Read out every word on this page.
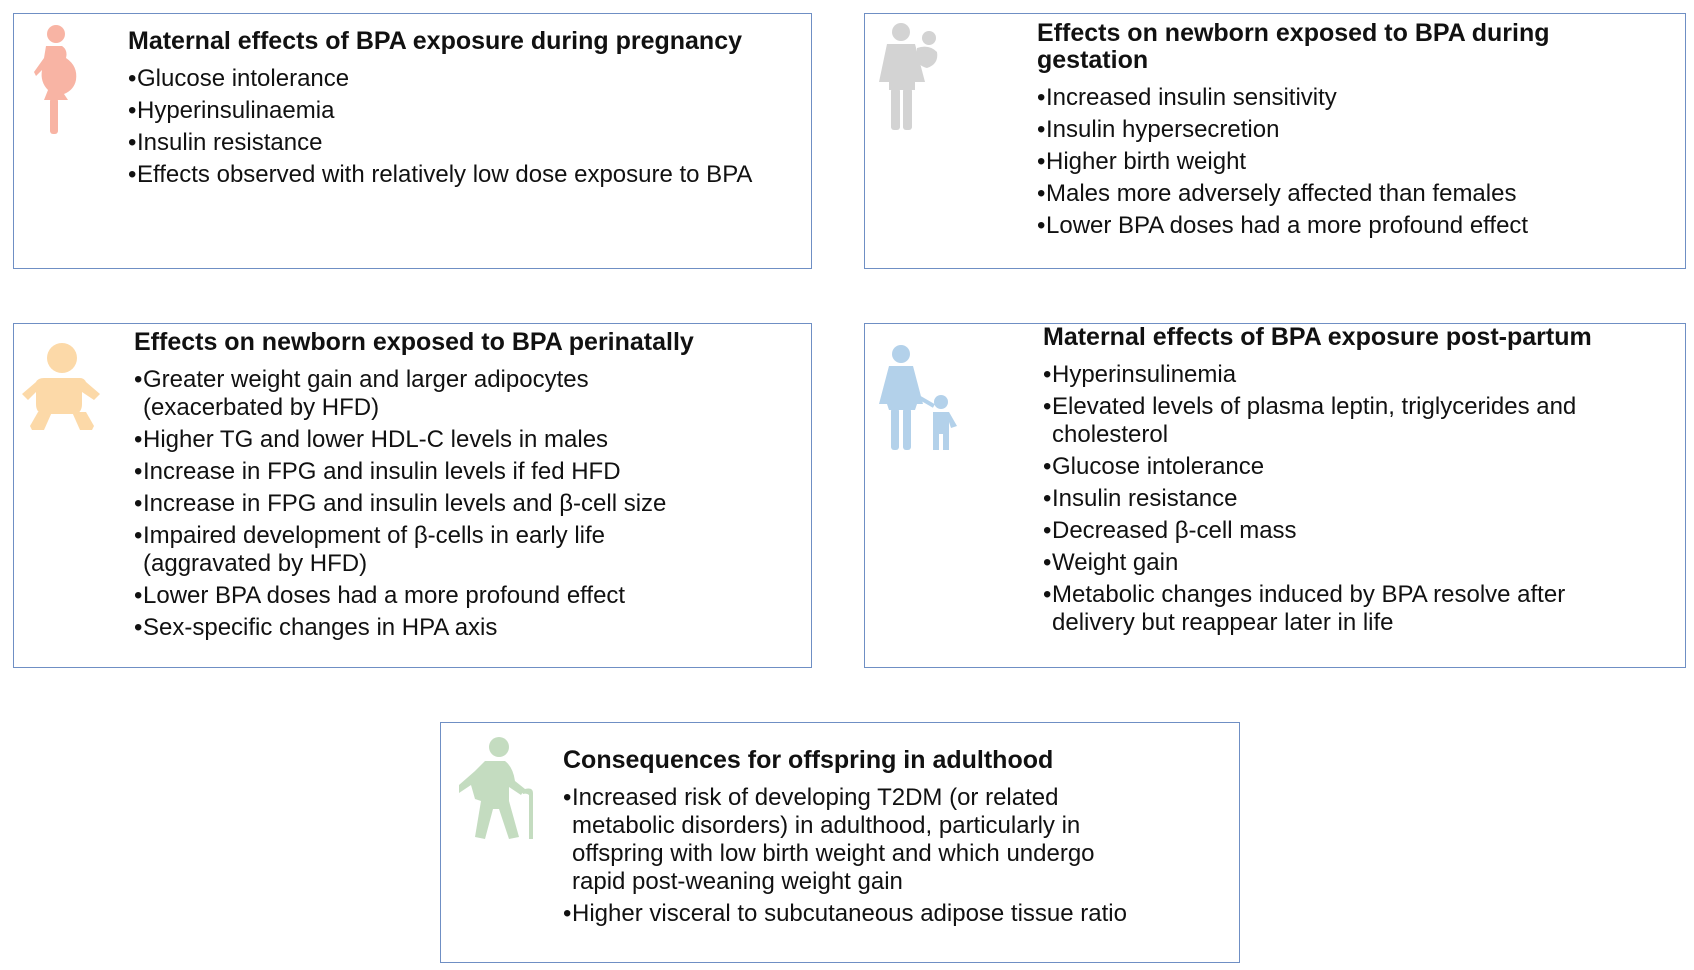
Maternal effects of BPA exposure during pregnancy
• Glucose intolerance
• Hyperinsulinaemia
• Insulin resistance
• Effects observed with relatively low dose exposure to BPA
Effects on newborn exposed to BPA during gestation
• Increased insulin sensitivity
• Insulin hypersecretion
• Higher birth weight
• Males more adversely affected than females
• Lower BPA doses had a more profound effect
Effects on newborn exposed to BPA perinatally
• Greater weight gain and larger adipocytes (exacerbated by HFD)
• Higher TG and lower HDL-C levels in males
• Increase in FPG and insulin levels if fed HFD
• Increase in FPG and insulin levels and β-cell size
• Impaired development of β-cells in early life (aggravated by HFD)
• Lower BPA doses had a more profound effect
• Sex-specific changes in HPA axis
Maternal effects of BPA exposure post-partum
• Hyperinsulinemia
• Elevated levels of plasma leptin, triglycerides and cholesterol
• Glucose intolerance
• Insulin resistance
• Decreased β-cell mass
• Weight gain
• Metabolic changes induced by BPA resolve after delivery but reappear later in life
Consequences for offspring in adulthood
• Increased risk of developing T2DM (or related metabolic disorders) in adulthood, particularly in offspring with low birth weight and which undergo rapid post-weaning weight gain
• Higher visceral to subcutaneous adipose tissue ratio
